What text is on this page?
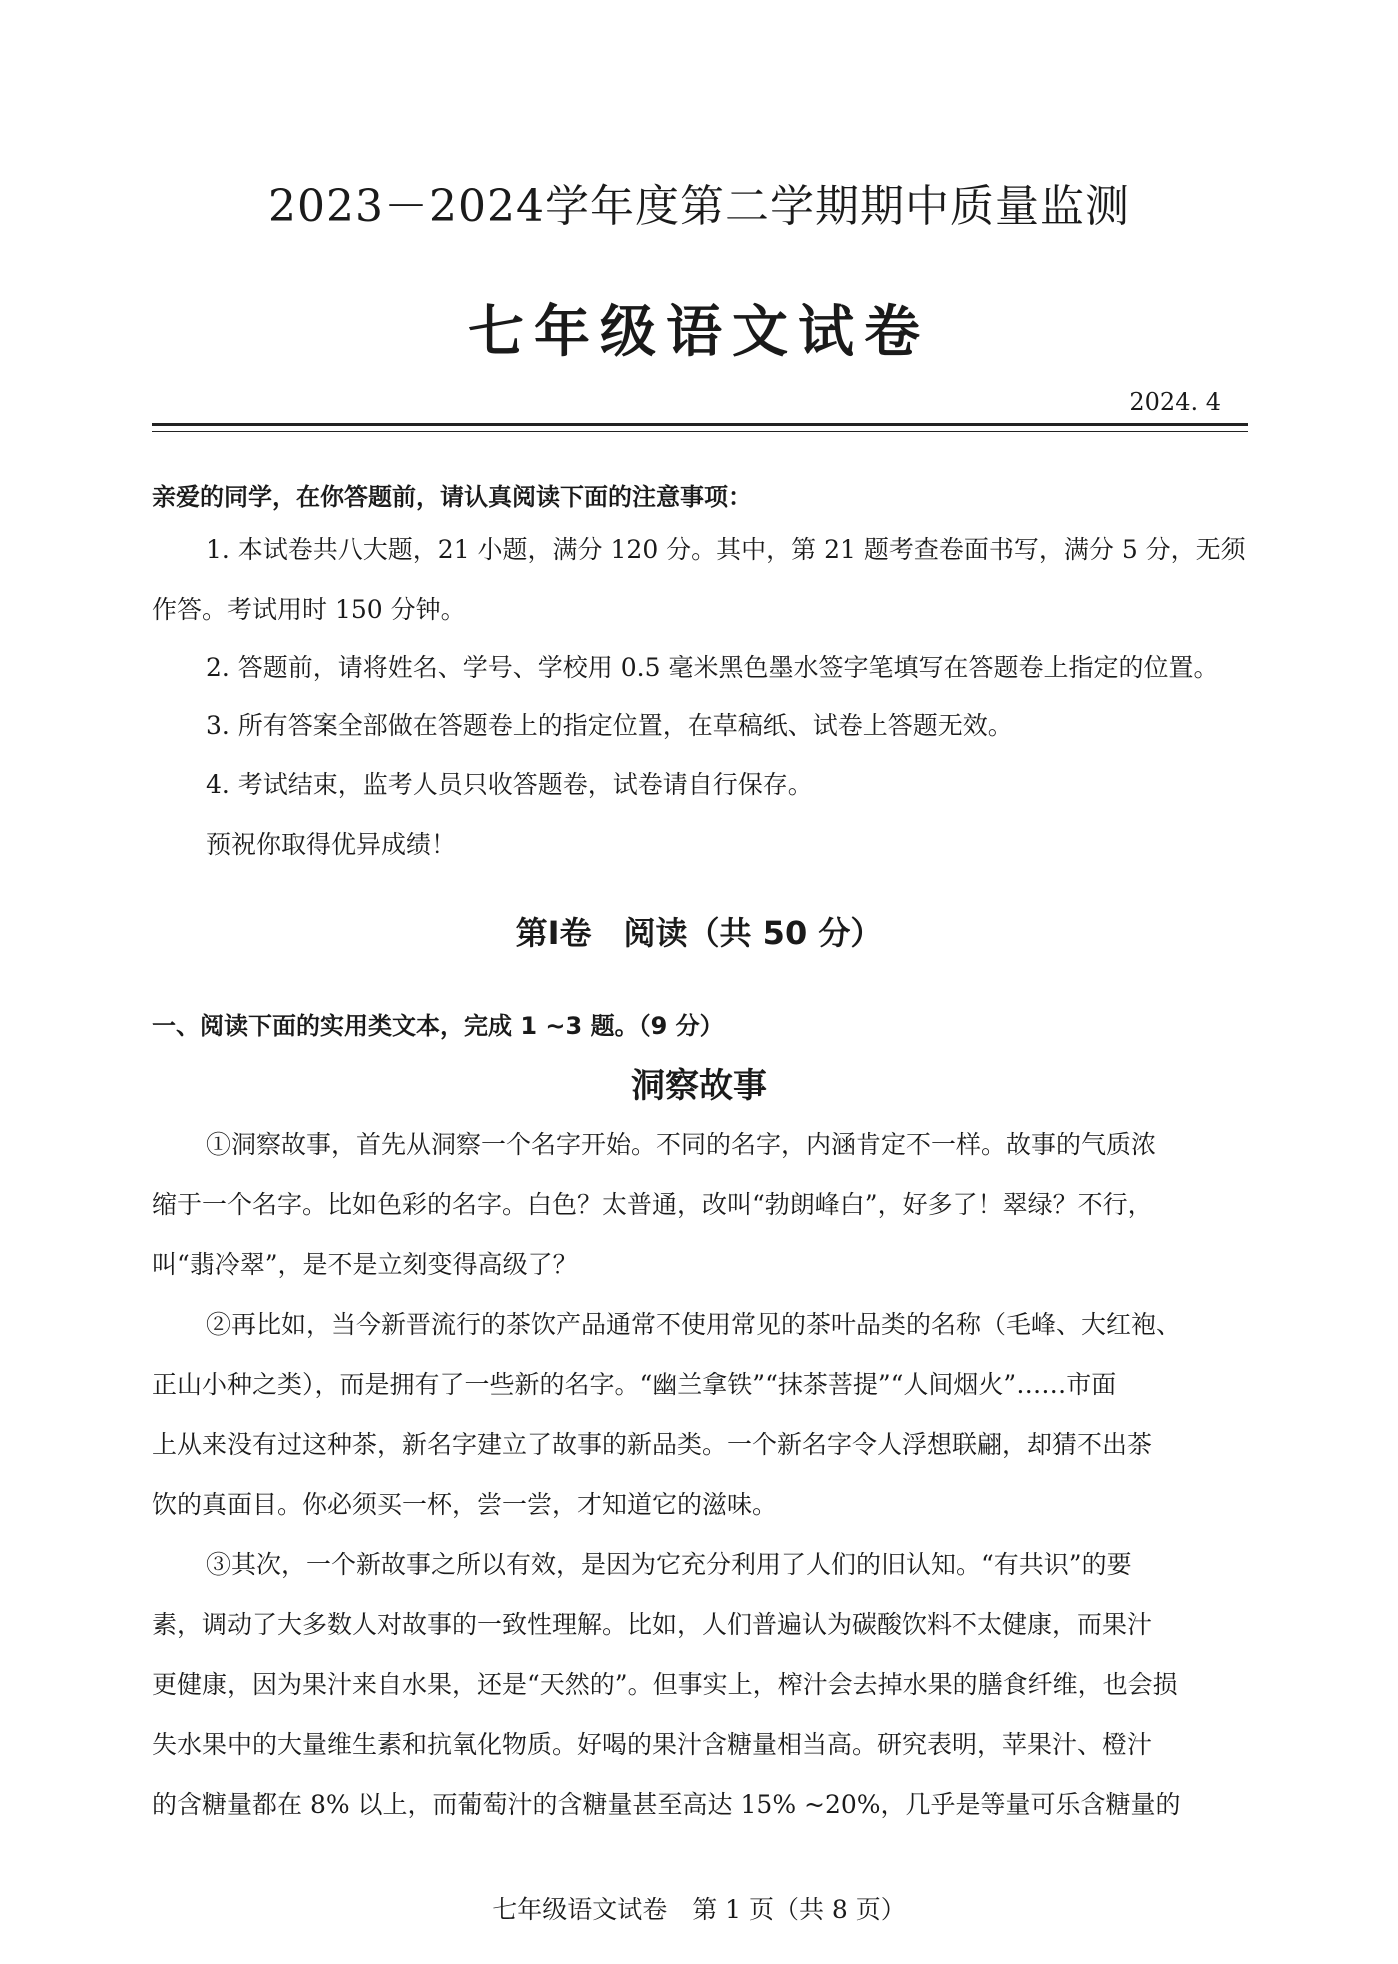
2023－2024学年度第二学期期中质量监测
七年级语文试卷
2024. 4
亲爱的同学，在你答题前，请认真阅读下面的注意事项：
1. 本试卷共八大题，21 小题，满分 120 分。其中，第 21 题考查卷面书写，满分 5 分，无须
作答。考试用时 150 分钟。
2. 答题前，请将姓名、学号、学校用 0.5 毫米黑色墨水签字笔填写在答题卷上指定的位置。
3. 所有答案全部做在答题卷上的指定位置，在草稿纸、试卷上答题无效。
4. 考试结束，监考人员只收答题卷，试卷请自行保存。
预祝你取得优异成绩！
第Ⅰ卷　阅读（共 50 分）
一、阅读下面的实用类文本，完成 1 ~3 题。（9 分）
洞察故事
①洞察故事，首先从洞察一个名字开始。不同的名字，内涵肯定不一样。故事的气质浓
缩于一个名字。比如色彩的名字。白色？太普通，改叫“勃朗峰白”，好多了！翠绿？不行，
叫“翡冷翠”，是不是立刻变得高级了？
②再比如，当今新晋流行的茶饮产品通常不使用常见的茶叶品类的名称（毛峰、大红袍、
正山小种之类），而是拥有了一些新的名字。“幽兰拿铁”“抹茶菩提”“人间烟火”……市面
上从来没有过这种茶，新名字建立了故事的新品类。一个新名字令人浮想联翩，却猜不出茶
饮的真面目。你必须买一杯，尝一尝，才知道它的滋味。
③其次，一个新故事之所以有效，是因为它充分利用了人们的旧认知。“有共识”的要
素，调动了大多数人对故事的一致性理解。比如，人们普遍认为碳酸饮料不太健康，而果汁
更健康，因为果汁来自水果，还是“天然的”。但事实上，榨汁会去掉水果的膳食纤维，也会损
失水果中的大量维生素和抗氧化物质。好喝的果汁含糖量相当高。研究表明，苹果汁、橙汁
的含糖量都在 8% 以上，而葡萄汁的含糖量甚至高达 15% ~20%，几乎是等量可乐含糖量的
七年级语文试卷　第 1 页（共 8 页）
